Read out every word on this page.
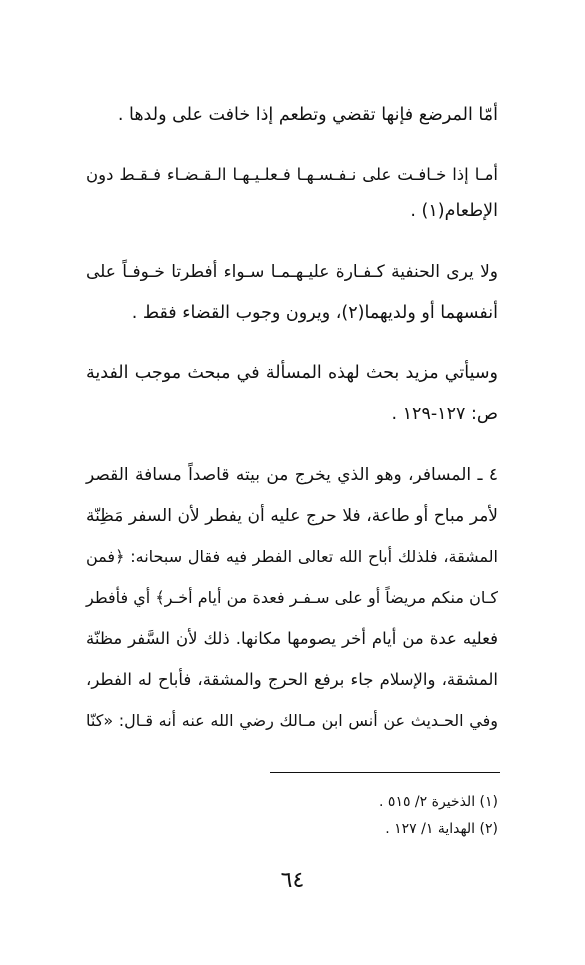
أمّا المرضع فإنها تقضي وتطعم إذا خافت على ولدها .
أمـا إذا خـافـت على نـفـسـهـا فـعلـيـهـا الـقـضـاء فـقـط دون
الإطعام(١) .
ولا يرى الحنفية كـفـارة عليـهـمـا سـواء أفطرتا خـوفـاً على
أنفسهما أو ولديهما(٢)، ويرون وجوب القضاء فقط .
وسيأتي مزيد بحث لهذه المسألة في مبحث موجب الفدية
ص: ١٢٧-١٢٩ .
٤ ـ المسافر، وهو الذي يخرج من بيته قاصداً مسافة القصر
لأمر مباح أو طاعة، فلا حرج عليه أن يفطر لأن السفر مَظِنّة
المشقة، فلذلك أباح الله تعالى الفطر فيه فقال سبحانه: ﴿فمن
كـان منكم مريضاً أو على سـفـر فعدة من أيام أخـر﴾ أي فأفطر
فعليه عدة من أيام أخر يصومها مكانها. ذلك لأن السَّفر مظنّة
المشقة، والإسلام جاء برفع الحرج والمشقة، فأباح له الفطر،
وفي الحـديث عن أنس ابن مـالك رضي الله عنه أنه قـال: «كنّا
(١) الذخيرة ٢/ ٥١٥ .
(٢) الهداية ١/ ١٢٧ .
٦٤
